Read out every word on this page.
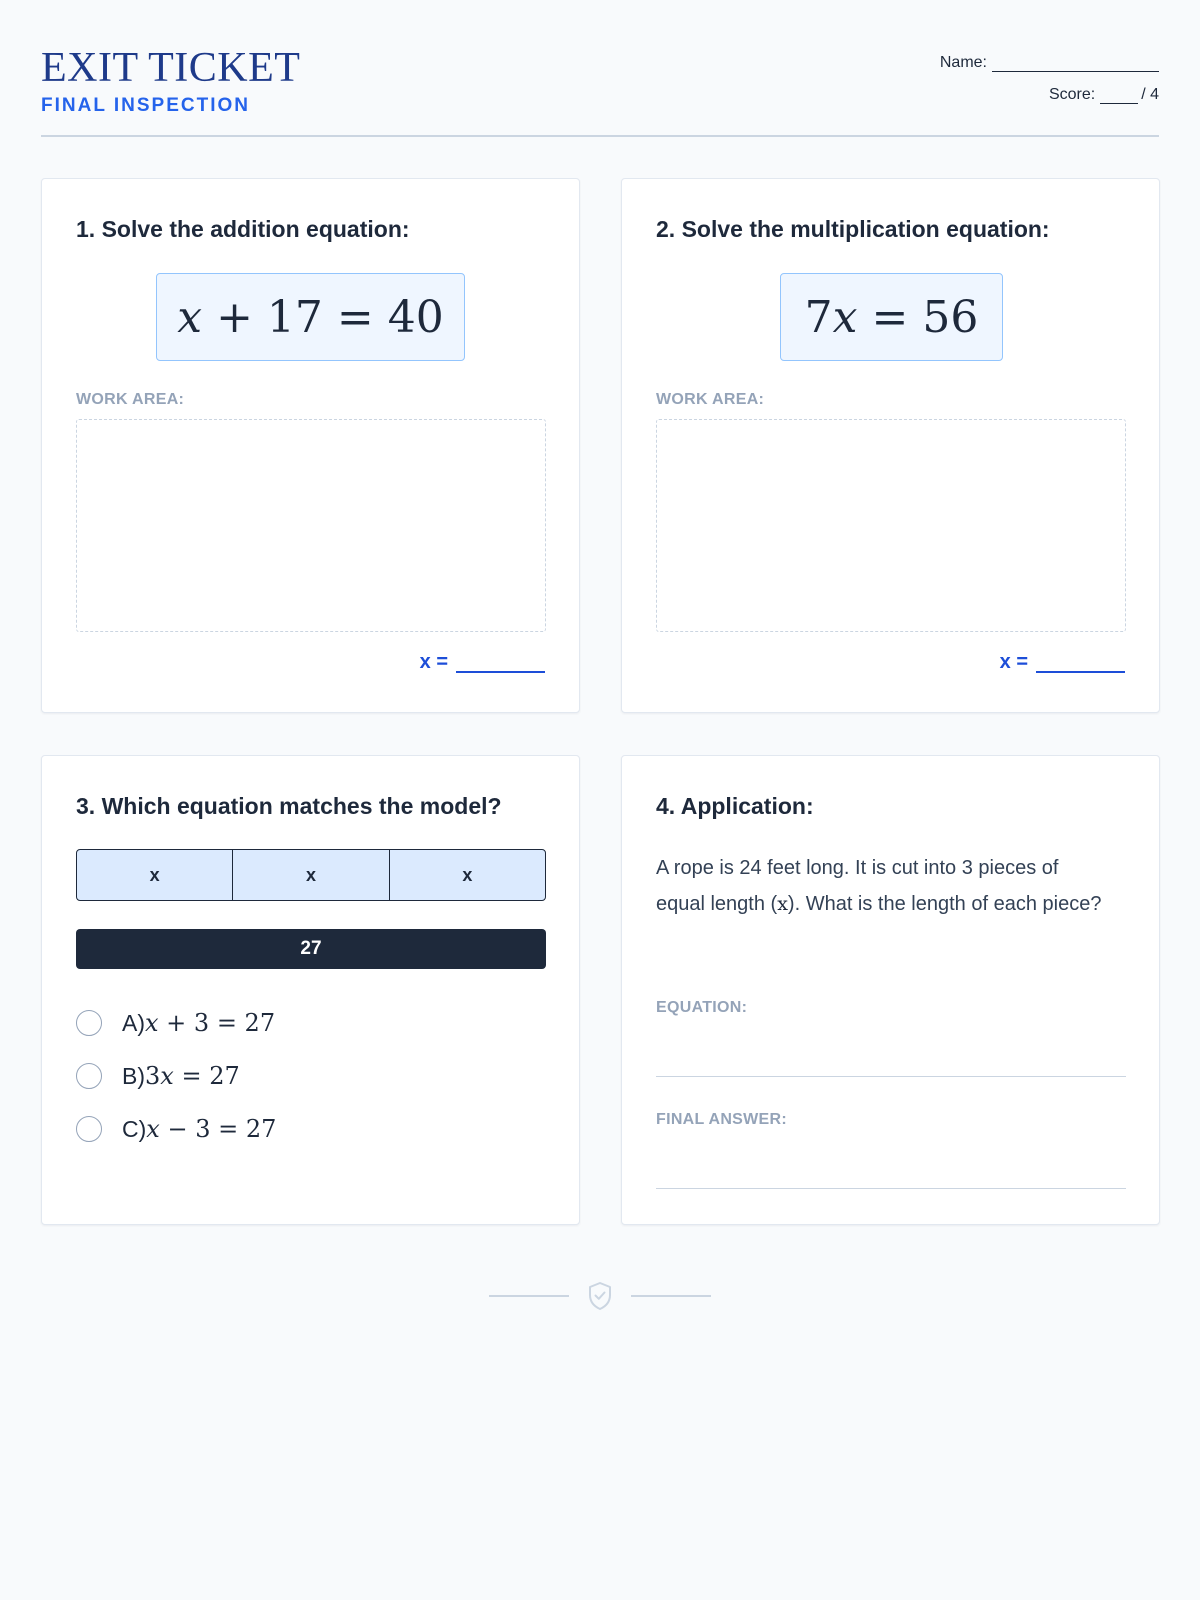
EXIT TICKET
FINAL INSPECTION
Name:
Score:	/ 4
1. Solve the addition equation:
x + 17 = 40
WORK AREA:
x =
2. Solve the multiplication equation:
7 x = 56
WORK AREA:
x =
3. Which equation matches the model?
x	x	x
27
A) x + 3 = 27
B) 3x = 27
C) x − 3 = 27
4. Application:
A rope is 24 feet long. It is cut into 3 pieces of equal length (x). What is the length of each piece?
EQUATION:
FINAL ANSWER:
